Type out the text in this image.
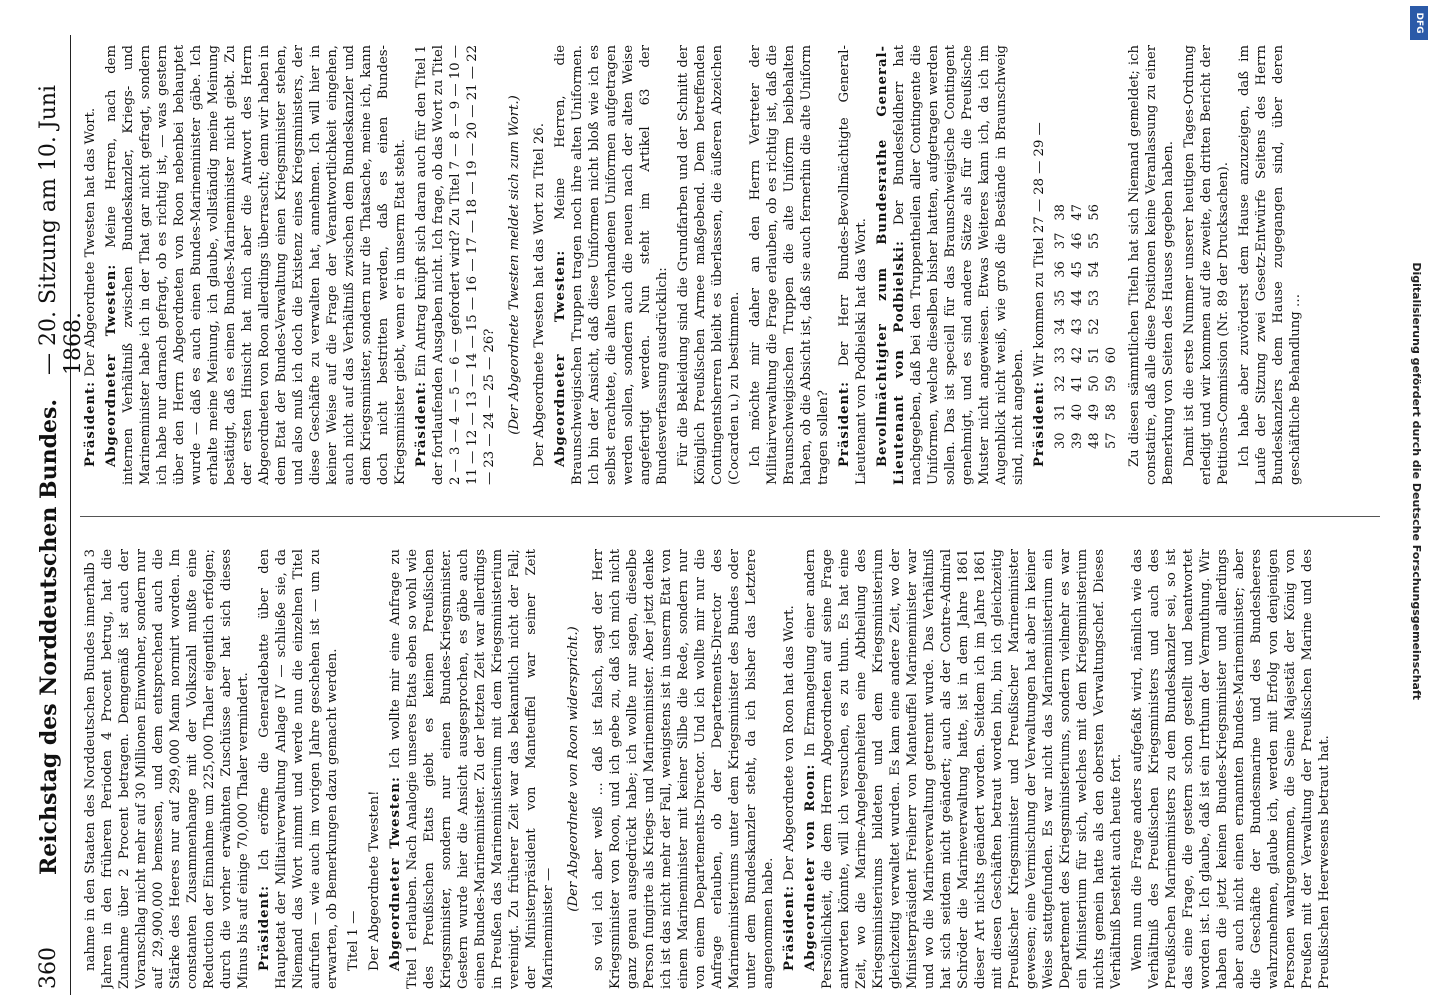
360
Reichstag des Norddeutschen Bundes.
— 20. Sitzung am 10. Juni 1868.

nahme in den Staaten des Norddeutschen Bundes innerhalb 3 Jahren in den früheren Perioden 4 Procent betrug, hat die Zunahme über 2 Procent betragen. Demgemäß ist auch der Voranschlag nicht mehr auf 30 Millionen Einwohner, sondern nur auf 29,900,000 bemessen, und dem entsprechend auch die Stärke des Heeres nur auf 299,000 Mann normirt worden. Im constanten Zusammenhange mit der Volkszahl mußte eine Reduction der Einnahme um 225,000 Thaler eigentlich erfolgen; durch die vorher erwähnten Zuschüsse aber hat sich dieses Minus bis auf einige 70,000 Thaler vermindert. Präsident: Ich eröffne die Generaldebatte über den Hauptetat der Militairverwaltung Anlage IV — schließe sie, da Niemand das Wort nimmt und werde nun die einzelnen Titel aufrufen — wie auch im vorigen Jahre geschehen ist — um zu erwarten, ob Bemerkungen dazu gemacht werden. Titel 1 — Der Abgeordnete Twesten! Abgeordneter Twesten: Ich wollte mir eine Anfrage zu Titel 1 erlauben. Nach Analogie unseres Etats eben so wohl wie des Preußischen Etats giebt es keinen Preußischen Kriegsminister, sondern nur einen Bundes-Kriegsminister. Gestern wurde hier die Ansicht ausgesprochen, es gäbe auch einen Bundes-Marineminister. Zu der letzten Zeit war allerdings in Preußen das Marineministerium mit dem Kriegsministerium vereinigt. Zu früherer Zeit war das bekanntlich nicht der Fall; der Ministerpräsident von Manteuffel war seiner Zeit Marineminister —

(Der Abgeordnete von Roon widerspricht.) so viel ich aber weiß … daß ist falsch, sagt der Herr Kriegsminister von Roon, und ich gebe zu, daß ich mich nicht ganz genau ausgedrückt habe; ich wollte nur sagen, dieselbe Person fungirte als Kriegs- und Marineminister. Aber jetzt denke ich ist das nicht mehr der Fall, wenigstens ist in unserm Etat von einem Marineminister mit keiner Silbe die Rede, sondern nur von einem Departements-Director. Und ich wollte mir nur die Anfrage erlauben, ob der Departements-Director des Marineministeriums unter dem Kriegsminister des Bundes oder unter dem Bundeskanzler steht, da ich bisher das Letztere angenommen habe. Präsident: Der Abgeordnete von Roon hat das Wort. Abgeordneter von Roon: In Ermangelung einer andern Persönlichkeit, die dem Herrn Abgeordneten auf seine Frage antworten könnte, will ich versuchen, es zu thun. Es hat eine Zeit, wo die Marine-Angelegenheiten eine Abtheilung des Kriegsministeriums bildeten und dem Kriegsministerium gleichzeitig verwaltet wurden. Es kam eine andere Zeit, wo der Ministerpräsident Freiherr von Manteuffel Marineminister war und wo die Marineverwaltung getrennt wurde. Das Verhältniß hat sich seitdem nicht geändert; auch als der Contre-Admiral Schröder die Marineverwaltung hatte, ist in dem Jahre 1861 dieser Art nichts geändert worden. Seitdem ich im Jahre 1861 mit diesen Geschäften betraut worden bin, bin ich gleichzeitig Preußischer Kriegsminister und Preußischer Marineminister gewesen; eine Vermischung der Verwaltungen hat aber in keiner Weise stattgefunden. Es war nicht das Marineministerium ein Departement des Kriegsministeriums, sondern vielmehr es war ein Ministerium für sich, welches mit dem Kriegsministerium nichts gemein hatte als den obersten Verwaltungschef. Dieses Verhältniß besteht auch heute fort. Wenn nun die Frage anders aufgefaßt wird, nämlich wie das Verhältniß des Preußischen Kriegsministers und auch des Preußischen Marineministers zu dem Bundeskanzler sei, so ist das eine Frage, die gestern schon gestellt und beantwortet worden ist. Ich glaube, daß ist ein Irrthum der Vermuthung. Wir haben die jetzt keinen Bundes-Kriegsminister und allerdings aber auch nicht einen ernannten Bundes-Marineminister; aber die Geschäfte der Bundesmarine und des Bundesheeres wahrzunehmen, glaube ich, werden mit Erfolg von denjenigen Personen wahrgenommen, die Seine Majestät der König von Preußen mit der Verwaltung der Preußischen Marine und des Preußischen Heerwesens betraut hat.

Präsident: Der Abgeordnete Twesten hat das Wort. Abgeordneter Twesten: Meine Herren, nach dem internen Verhältniß zwischen Bundeskanzler, Kriegs- und Marineminister habe ich in der That gar nicht gefragt, sondern ich habe nur darnach gefragt, ob es richtig ist, — was gestern über den Herrn Abgeordneten von Roon nebenbei behauptet wurde — daß es auch einen Bundes-Marineminister gäbe. Ich erhalte meine Meinung, ich glaube, vollständig meine Meinung bestätigt, daß es einen Bundes-Marineminister nicht giebt. Zu der ersten Hinsicht hat mich aber die Antwort des Herrn Abgeordneten von Roon allerdings überrascht; denn wir haben in dem Etat der Bundes-Verwaltung einen Kriegsminister stehen, und also muß ich doch die Existenz eines Kriegsministers, der diese Geschäfte zu verwalten hat, annehmen. Ich will hier in keiner Weise auf die Frage der Verantwortlichkeit eingehen, auch nicht auf das Verhältniß zwischen dem Bundeskanzler und dem Kriegsminister, sondern nur die Thatsache, meine ich, kann doch nicht bestritten werden, daß es einen Bundes-Kriegsminister giebt, wenn er in unserm Etat steht. Präsident: Ein Antrag knüpft sich daran auch für den Titel 1 der fortlaufenden Ausgaben nicht. Ich frage, ob das Wort zu Titel 2 — 3 — 4 — 5 — 6 — gefordert wird? Zu Titel 7 — 8 — 9 — 10 — 11 — 12 — 13 — 14 — 15 — 16 — 17 — 18 — 19 — 20 — 21 — 22 — 23 — 24 — 25 — 26? (Der Abgeordnete Twesten meldet sich zum Wort.) Der Abgeordnete Twesten hat das Wort zu Titel 26. Abgeordneter Twesten: Meine Herren, die Braunschweigischen Truppen tragen noch ihre alten Uniformen. Ich bin der Ansicht, daß diese Uniformen nicht bloß wie ich es selbst erachtete, die alten vorhandenen Uniformen aufgetragen werden sollen, sondern auch die neuen nach der alten Weise angefertigt werden. Nun steht im Artikel 63 der Bundesverfassung ausdrücklich: Für die Bekleidung sind die Grundfarben und der Schnitt der Königlich Preußischen Armee maßgebend. Dem betreffenden Contingentsherren bleibt es überlassen, die äußeren Abzeichen (Cocarden u.) zu bestimmen. Ich möchte mir daher an den Herrn Vertreter der Militairverwaltung die Frage erlauben, ob es richtig ist, daß die Braunschweigischen Truppen die alte Uniform beibehalten haben, ob die Absicht ist, daß sie auch fernerhin die alte Uniform tragen sollen? Präsident: Der Herr Bundes-Bevollmächtigte General-Lieutenant von Podbielski hat das Wort. Bevollmächtigter zum Bundesrathe General-Lieutenant von Podbielski: Der Bundesfeldherr hat nachgegeben, daß bei den Truppentheilen aller Contingente die Uniformen, welche dieselben bisher hatten, aufgetragen werden sollen. Das ist speciell für das Braunschweigische Contingent genehmigt, und es sind andere Sätze als für die Preußische Muster nicht angewiesen. Etwas Weiteres kann ich, da ich im Augenblick nicht weiß, wie groß die Bestände in Braunschweig sind, nicht angeben. Präsident: Wir kommen zu Titel 27 — 28 — 29 —

30	31	32	33	34	35	36	37	38
39	40	41	42	43	44	45	46	47
48	49	50	51	52	53	54	55	56
57	58	59	60					Zu diesen sämmtlichen Titeln hat sich Niemand gemeldet; ich constatire, daß alle diese Positionen keine Veranlassung zu einer Bemerkung von Seiten des Hauses gegeben haben. Damit ist die erste Nummer unserer heutigen Tages-Ordnung erledigt und wir kommen auf die zweite, den dritten Bericht der Petitions-Commission (Nr. 89 der Drucksachen). Ich habe aber zuvörderst dem Hause anzuzeigen, daß im Laufe der Sitzung zwei Gesetz-Entwürfe Seitens des Herrn Bundeskanzlers dem Hause zugegangen sind, über deren geschäftliche Behandlung …

DFG
Digitalisierung gefördert durch die Deutsche Forschungsgemeinschaft
